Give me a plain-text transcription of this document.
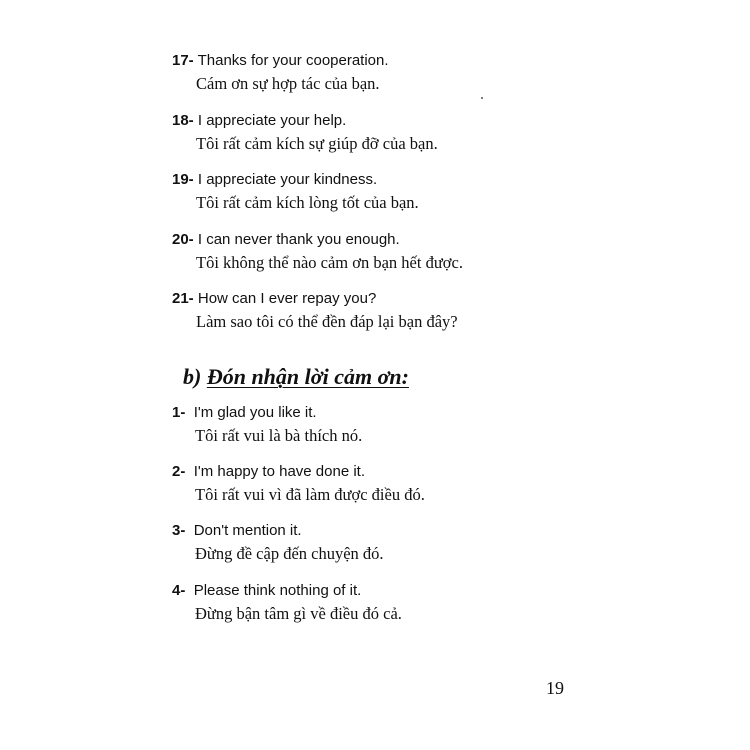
17- Thanks for your cooperation.
Cám ơn sự hợp tác của bạn.
18- I appreciate your help.
Tôi rất cảm kích sự giúp đỡ của bạn.
19- I appreciate your kindness.
Tôi rất cảm kích lòng tốt của bạn.
20- I can never thank you enough.
Tôi không thể nào cảm ơn bạn hết được.
21- How can I ever repay you?
Làm sao tôi có thể đền đáp lại bạn đây?
b) Đón nhận lời cảm ơn:
1- I'm glad you like it.
Tôi rất vui là bà thích nó.
2- I'm happy to have done it.
Tôi rất vui vì đã làm được điều đó.
3- Don't mention it.
Đừng đề cập đến chuyện đó.
4- Please think nothing of it.
Đừng bận tâm gì về điều đó cả.
19
